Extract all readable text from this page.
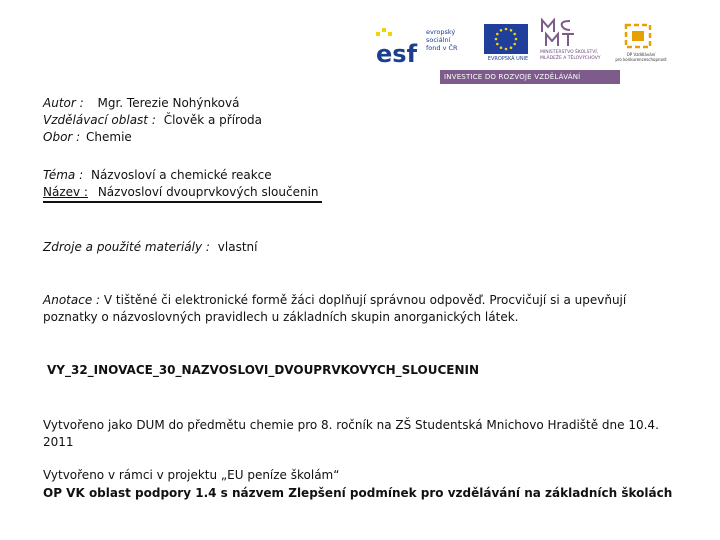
esf
evropský
sociální
fond v ČR
EVROPSKÁ UNIE
MINISTERSTVO ŠKOLSTVÍ,
MLÁDEŽE A TĚLOVÝCHOVY
OP Vzdělávání
pro konkurenceschopnost
INVESTICE DO ROZVOJE VZDĚLÁVÁNÍ
Autor : Mgr. Terezie Nohýnková
Vzdělávací oblast : Člověk a příroda
Obor : Chemie
Téma : Názvosloví a chemické reakce
Název : Názvosloví dvouprvkových sloučenin
Zdroje a použité materiály : vlastní
Anotace : V tištěné či elektronické formě žáci doplňují správnou odpověď. Procvičují si a upevňují poznatky o názvoslovných pravidlech u základních skupin anorganických látek.
VY_32_INOVACE_30_NAZVOSLOVI_DVOUPRVKOVYCH_SLOUCENIN
Vytvořeno jako DUM do předmětu chemie pro 8. ročník na ZŠ Studentská Mnichovo Hradiště dne 10.4. 2011
Vytvořeno v rámci v projektu „EU peníze školám“
OP VK oblast podpory 1.4 s názvem Zlepšení podmínek pro vzdělávání na základních školách
